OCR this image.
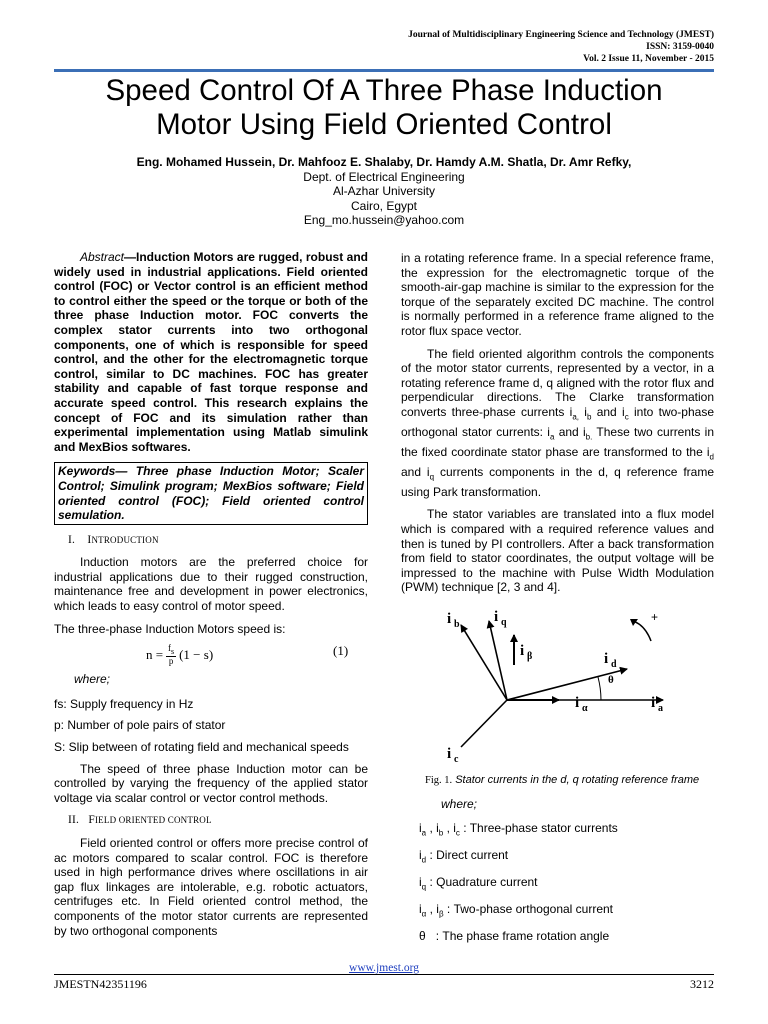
Journal of Multidisciplinary Engineering Science and Technology (JMEST)
ISSN: 3159-0040
Vol. 2 Issue 11, November - 2015
Speed Control Of A Three Phase Induction
Motor Using Field Oriented Control
Eng. Mohamed Hussein, Dr. Mahfooz E. Shalaby, Dr. Hamdy A.M. Shatla, Dr. Amr Refky,
Dept. of Electrical Engineering
Al-Azhar University
Cairo, Egypt
Eng_mo.hussein@yahoo.com

Abstract—Induction Motors are rugged, robust and widely used in industrial applications. Field oriented control (FOC) or Vector control is an efficient method to control either the speed or the torque or both of the three phase Induction motor. FOC converts the complex stator currents into two orthogonal components, one of which is responsible for speed control, and the other for the electromagnetic torque control, similar to DC machines. FOC has greater stability and capable of fast torque response and accurate speed control. This research explains the concept of FOC and its simulation rather than experimental implementation using Matlab simulink and MexBios softwares.

Keywords— Three phase Induction Motor; Scaler Control; Simulink program; MexBios software; Field oriented control (FOC); Field oriented control semulation.
I. INTRODUCTION

Induction motors are the preferred choice for industrial applications due to their rugged construction, maintenance free and development in power electronics, which leads to easy control of motor speed.

The three-phase Induction Motors speed is:

$n = \frac{f_s}{p} (1 - s)$	(1)

where;

fs: Supply frequency in Hz

p: Number of pole pairs of stator

S: Slip between of rotating field and mechanical speeds

The speed of three phase Induction motor can be controlled by varying the frequency of the applied stator voltage via scalar control or vector control methods.

II. FIELD ORIENTED CONTROL

Field oriented control or offers more precise control of ac motors compared to scalar control. FOC is therefore used in high performance drives where oscillations in air gap flux linkages are intolerable, e.g. robotic actuators, centrifuges etc. In Field oriented control method, the components of the motor stator currents are represented by two orthogonal components

in a rotating reference frame. In a special reference frame, the expression for the electromagnetic torque of the smooth-air-gap machine is similar to the expression for the torque of the separately excited DC machine. The control is normally performed in a reference frame aligned to the rotor flux space vector.

The field oriented algorithm controls the components of the motor stator currents, represented by a vector, in a rotating reference frame d, q aligned with the rotor flux and perpendicular directions. The Clarke transformation converts three-phase currents $i_{a,}$ $i_b$ and $i_c$ into two-phase orthogonal stator currents: $i_a$ and $i_{b.}$ These two currents in the fixed coordinate stator phase are transformed to the $i_d$ and $i_q$ currents components in the d, q reference frame using Park transformation.

The stator variables are translated into a flux model which is compared with a required reference values and then is tuned by PI controllers. After a back transformation from field to stator coordinates, the output voltage will be impressed to the machine with Pulse Width Modulation (PWM) technique [2, 3 and 4].

i b i q
i β	i d
θ
i α	i a
i c
+
Fig. 1. Stator currents in the d, q rotating reference frame

where;

$i_a$ , $i_b$ , $i_c$ : Three-phase stator currents

$i_d$ : Direct current

$i_q$ : Quadrature current

$i_\alpha$ , $i_\beta$ : Two-phase orthogonal current

θ   : The phase frame rotation angle

www.jmest.org
JMESTN42351196	3212
